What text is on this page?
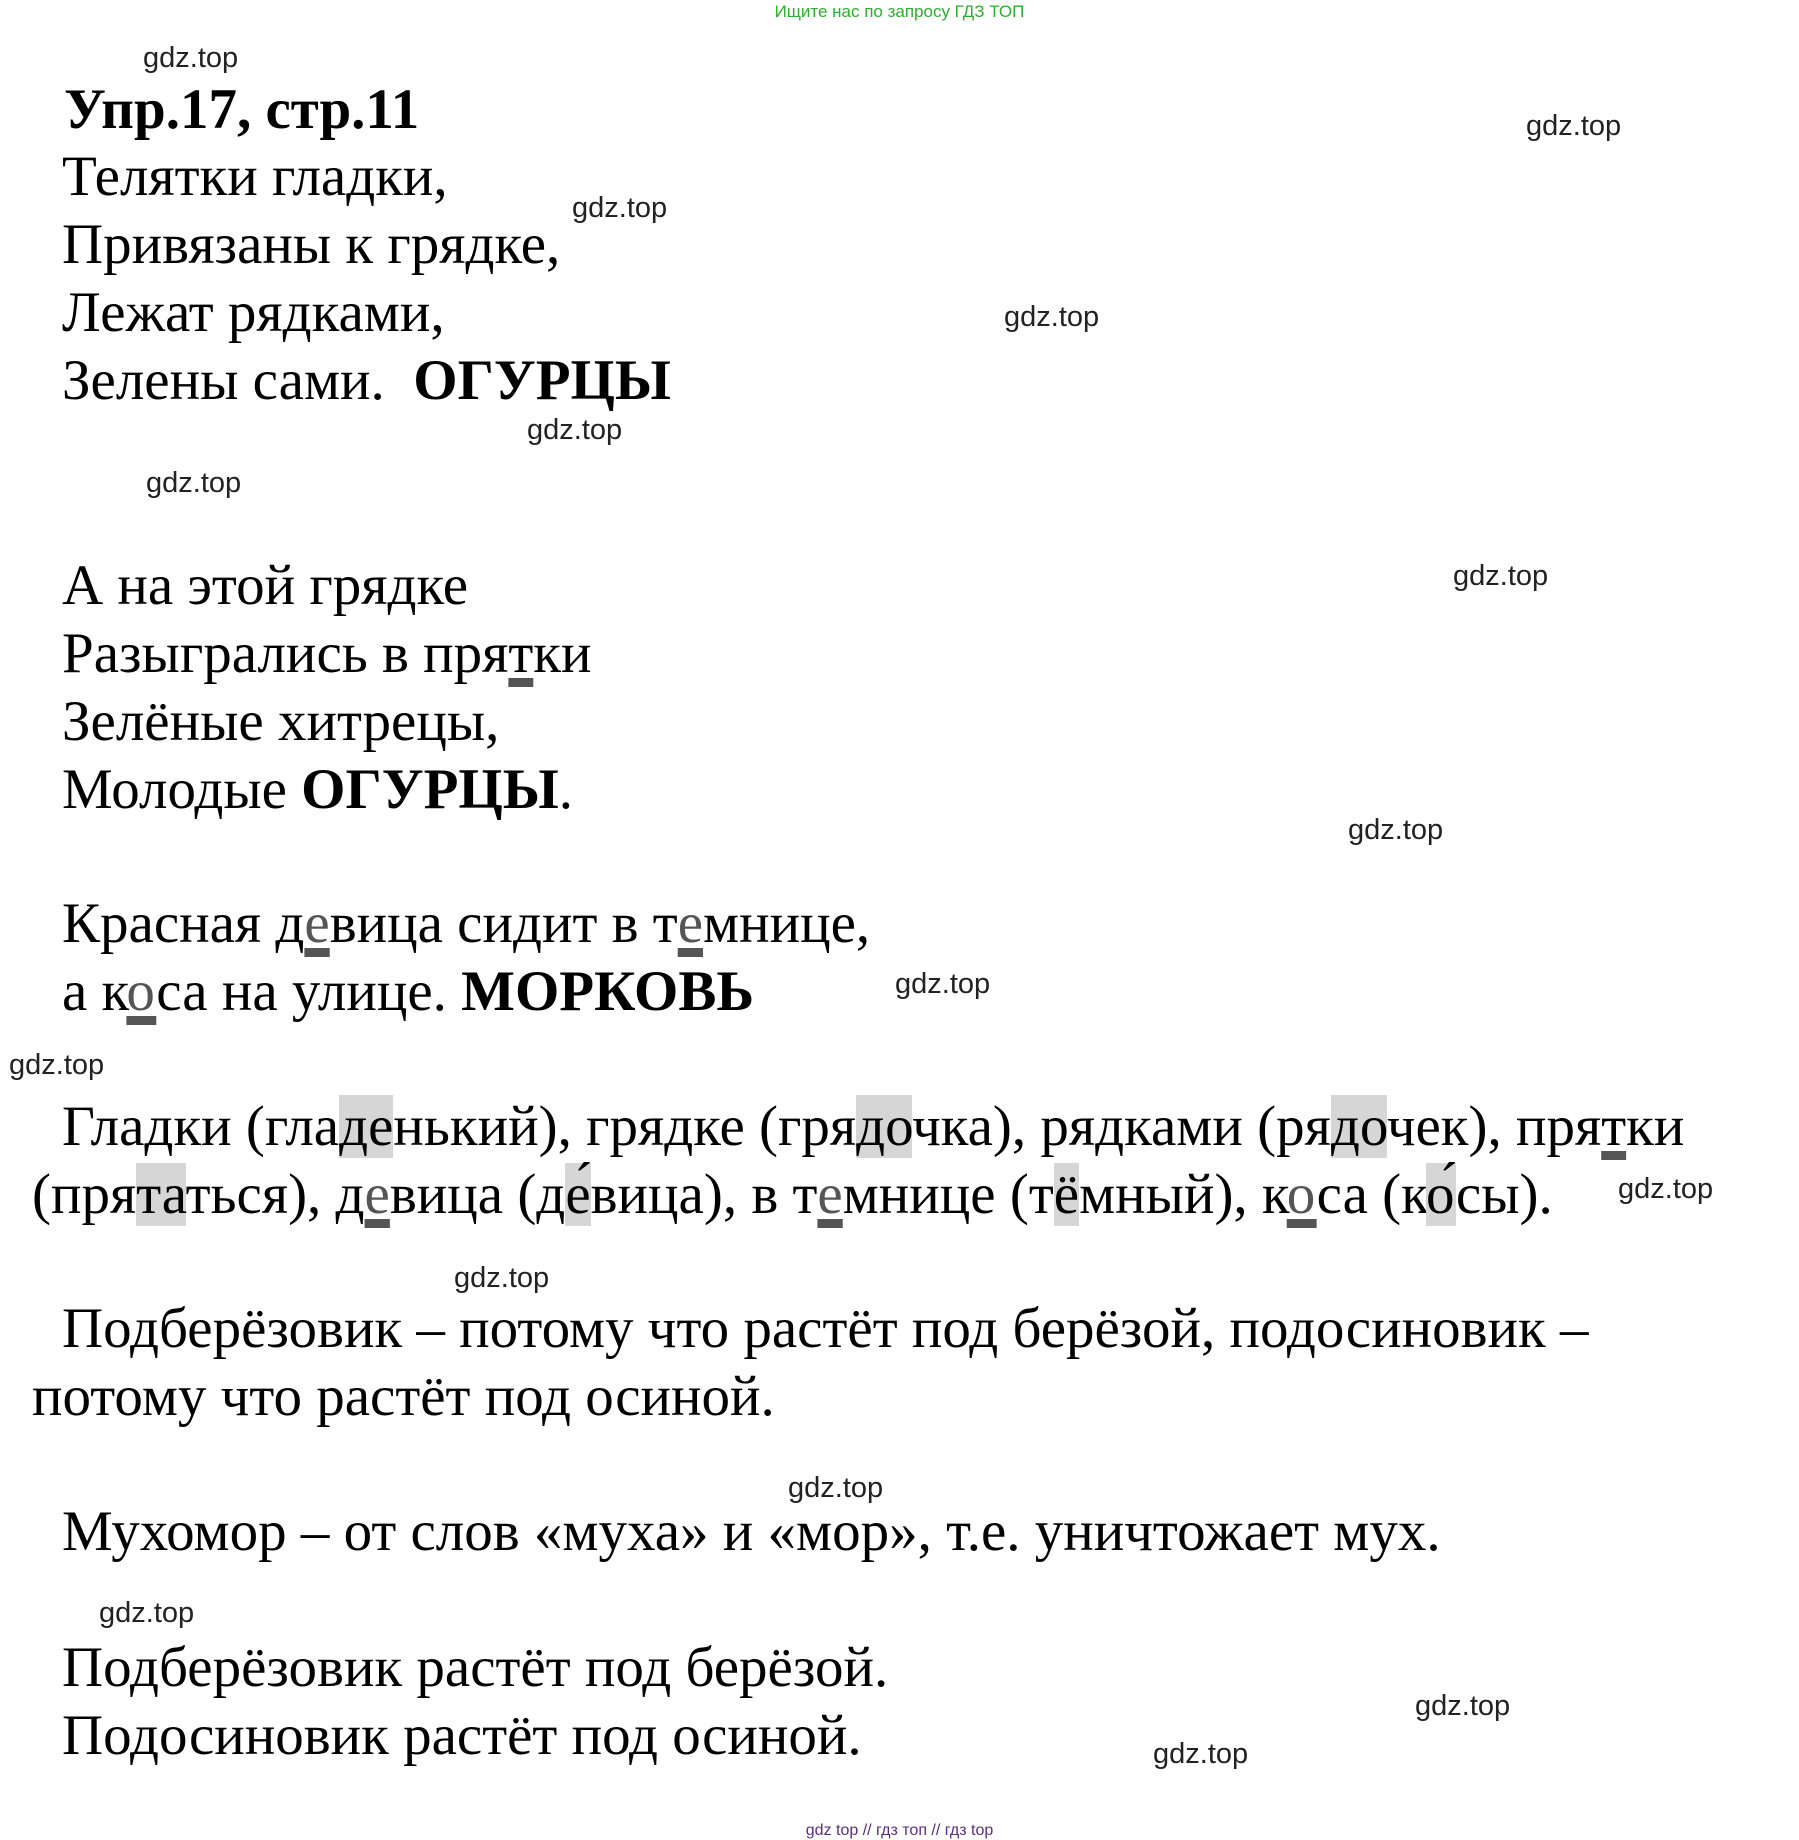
Ищите нас по запросу ГДЗ ТОП
Упр.17, стр.11
Телятки гладки,
Привязаны к грядке,
Лежат рядками,
Зелены сами. ОГУРЦЫ
А на этой грядке
Разыгрались в прятки
Зелёные хитрецы,
Молодые ОГУРЦЫ.
Красная девица сидит в темнице,
а коса на улице. МОРКОВЬ
Гладки (гладенький), грядке (грядочка), рядками (рядочек), прятки
(прятаться), девица (де́вица), в темнице (тёмный), коса (ко́сы).
Подберёзовик – потому что растёт под берёзой, подосиновик –
потому что растёт под осиной.
Мухомор – от слов «муха» и «мор», т.е. уничтожает мух.
Подберёзовик растёт под берёзой.
Подосиновик растёт под осиной.
gdz.top
gdz.top
gdz.top
gdz.top
gdz.top
gdz.top
gdz.top
gdz.top
gdz.top
gdz.top
gdz.top
gdz.top
gdz.top
gdz.top
gdz.top
gdz.top
gdz top // гдз топ // гдз top
